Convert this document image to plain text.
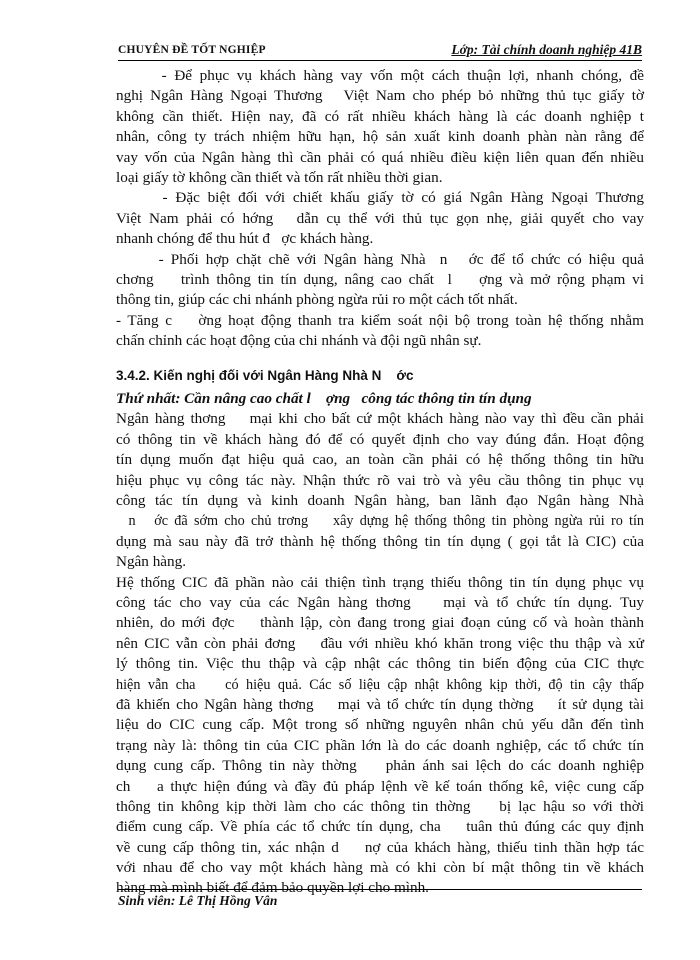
CHUYÊN ĐỀ TỐT NGHIỆP	Lớp: Tài chính doanh nghiệp 41B
- Để phục vụ khách hàng vay vốn một cách thuận lợi, nhanh chóng, đề
nghị Ngân Hàng Ngoại Thương   Việt Nam cho phép bỏ những thủ tục giấy tờ
không cần thiết. Hiện nay, đã có rất nhiều khách hàng là các doanh nghiệp t
nhân, công ty trách nhiệm hữu hạn, hộ sản xuất kinh doanh phàn nàn rằng để
vay vốn của Ngân hàng thì cần phải có quá nhiều điều kiện liên quan đến nhiều
loại giấy tờ không cần thiết và tốn rất nhiều thời gian.
- Đặc biệt đối với chiết khấu giấy tờ có giá Ngân Hàng Ngoại Thương
Việt Nam phải có hớng   dẫn cụ thể với thủ tục gọn nhẹ, giải quyết cho vay
nhanh chóng để thu hút đ   ợc khách hàng.
- Phối hợp chặt chẽ với Ngân hàng Nhà  n   ớc để tổ chức có hiệu quả
chơng    trình thông tin tín dụng, nâng cao chất  l    ợng và mở rộng phạm vi
thông tin, giúp các chi nhánh phòng ngừa rủi ro một cách tốt nhất.
- Tăng c    ờng hoạt động thanh tra kiểm soát nội bộ trong toàn hệ thống nhằm
chấn chỉnh các hoạt động của chi nhánh và đội ngũ nhân sự.
3.4.2. Kiến nghị đối với Ngân Hàng Nhà N    ớc
Thứ nhất: Cần nâng cao chất l    ợng   công tác thông tin tín dụng
Ngân hàng thơng    mại khi cho bất cứ một khách hàng nào vay thì đều cần phải
có thông tin về khách hàng đó để có quyết định cho vay đúng đắn. Hoạt động
tín dụng muốn đạt hiệu quả cao, an toàn cần phải có hệ thống thông tin hữu
hiệu phục vụ công tác này. Nhận thức rõ vai trò và yêu cầu thông tin phục vụ
công tác tín dụng và kinh doanh Ngân hàng, ban lãnh đạo Ngân hàng Nhà
n   ớc đã sớm cho chủ trơng    xây dựng hệ thống thông tin phòng ngừa rủi ro tín
dụng mà sau này đã trở thành hệ thống thông tin tín dụng ( gọi tắt là CIC) của
Ngân hàng.
Hệ thống CIC đã phần nào cải thiện tình trạng thiếu thông tin tín dụng phục vụ
công tác cho vay của các Ngân hàng thơng    mại và tổ chức tín dụng. Tuy
nhiên, do mới đợc    thành lập, còn đang trong giai đoạn củng cố và hoàn thành
nên CIC vẫn còn phải đơng    đầu với nhiều khó khăn trong việc thu thập và xử
lý thông tin. Việc thu thập và cập nhật các thông tin biến động của CIC thực
hiện vẫn cha    có hiệu quả. Các số liệu cập nhật không kịp thời, độ tin cậy thấp
đã khiến cho Ngân hàng thơng    mại và tổ chức tín dụng thờng    ít sử dụng tài
liệu do CIC cung cấp. Một trong số những nguyên nhân chủ yếu dẫn đến tình
trạng này là: thông tin của CIC phần lớn là do các doanh nghiệp, các tổ chức tín
dụng cung cấp. Thông tin này thờng    phản ánh sai lệch do các doanh nghiệp
ch    a thực hiện đúng và đầy đủ pháp lệnh về kế toán thống kê, việc cung cấp
thông tin không kịp thời làm cho các thông tin thờng    bị lạc hậu so với thời
điểm cung cấp. Về phía các tổ chức tín dụng, cha    tuân thủ đúng các quy định
về cung cấp thông tin, xác nhận d    nợ của khách hàng, thiếu tinh thần hợp tác
với nhau để cho vay một khách hàng mà có khi còn bí mật thông tin về khách
hàng mà mình biết để đảm bảo quyền lợi cho mình.
Sinh viên: Lê Thị Hồng Vân
